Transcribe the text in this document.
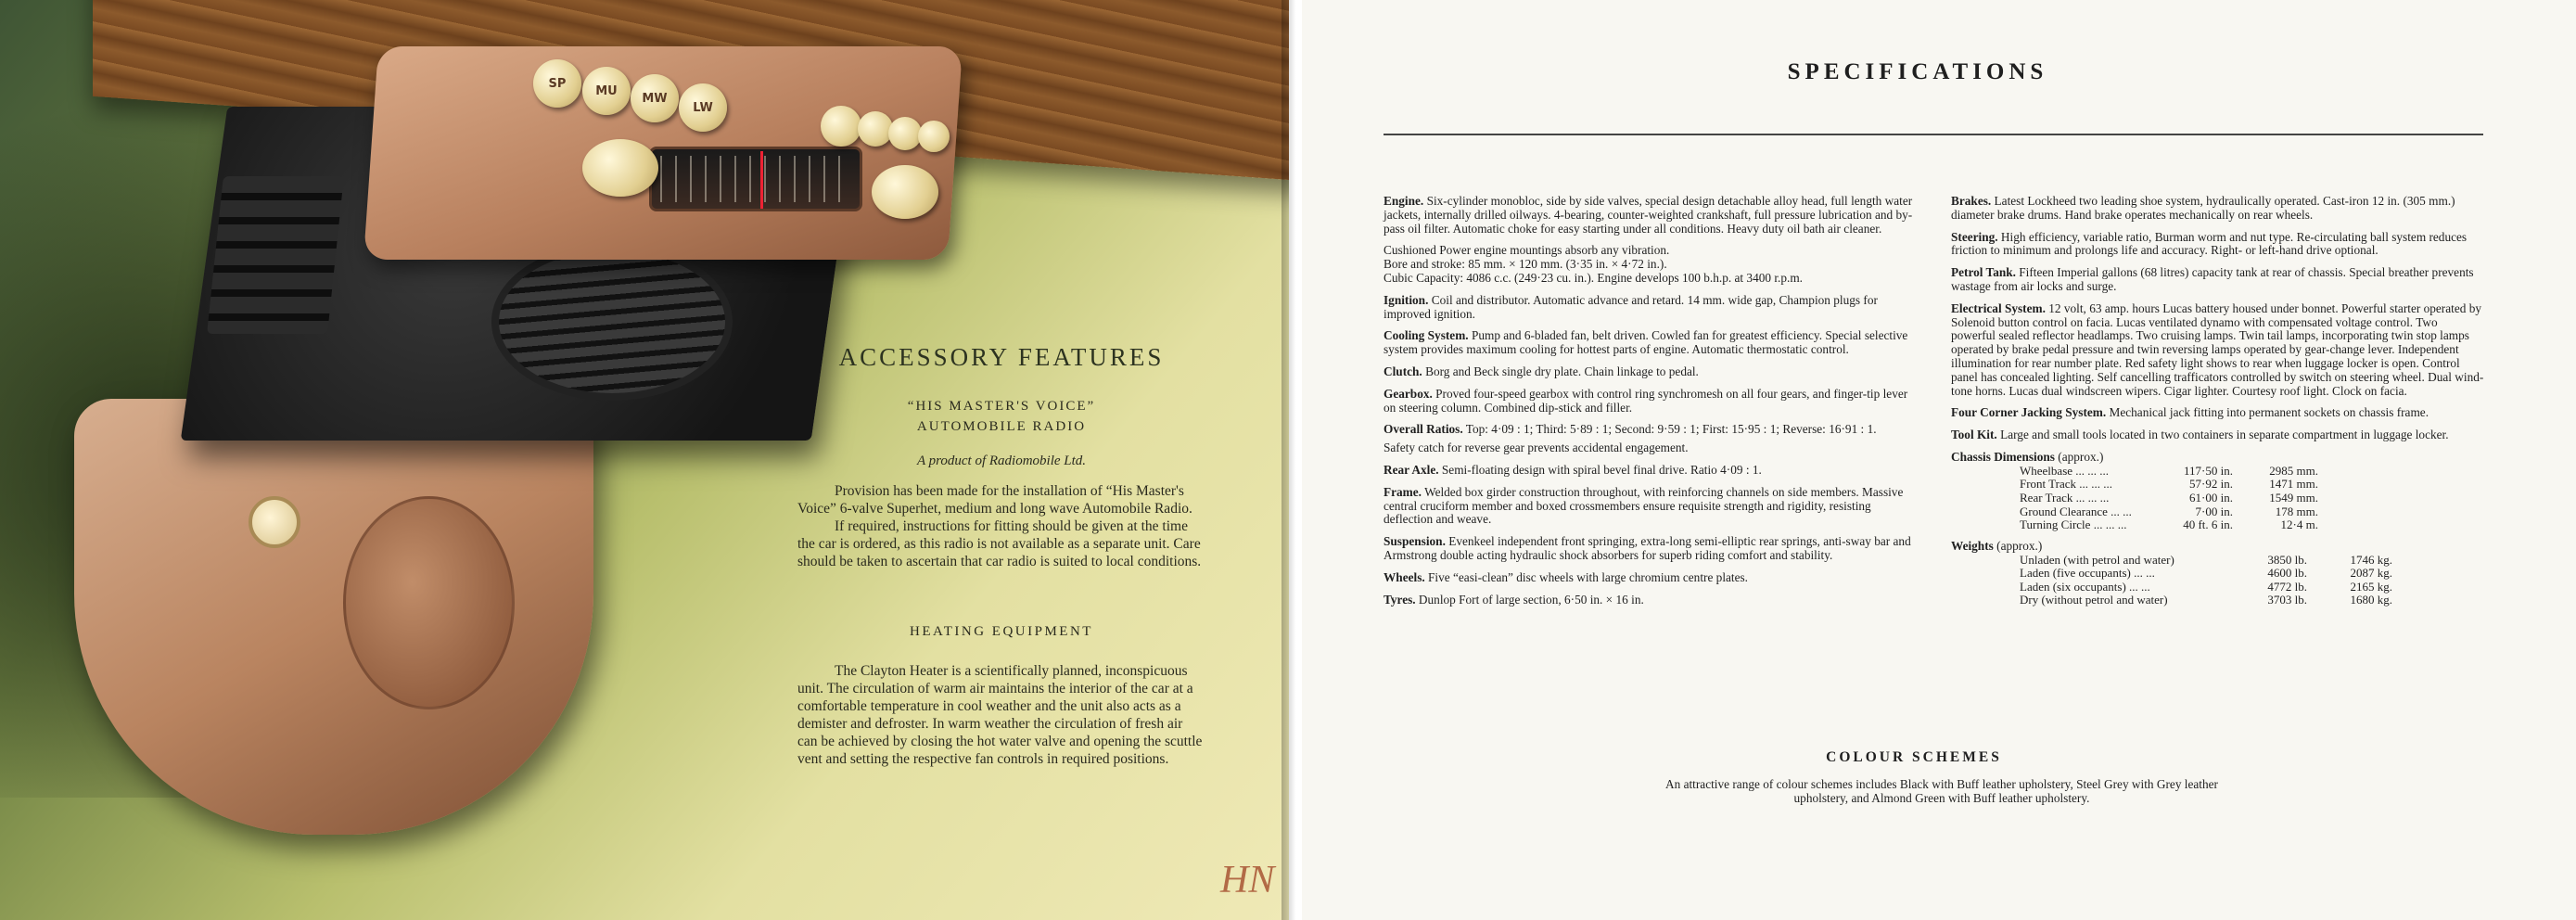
SP
MU
MW
LW
ACCESSORY FEATURES
“HIS MASTER'S VOICE”
AUTOMOBILE RADIO
A product of Radiomobile Ltd.

Provision has been made for the installation of “His Master's Voice” 6-valve Superhet, medium and long wave Automobile Radio.

If required, instructions for fitting should be given at the time the car is ordered, as this radio is not available as a separate unit. Care should be taken to ascertain that car radio is suited to local conditions.

HEATING EQUIPMENT

The Clayton Heater is a scientifically planned, inconspicuous unit. The circulation of warm air maintains the interior of the car at a comfortable temperature in cool weather and the unit also acts as a demister and defroster. In warm weather the circulation of fresh air can be achieved by closing the hot water valve and opening the scuttle vent and setting the respective fan controls in required positions.

HN
SPECIFICATIONS
Engine. Six-cylinder monobloc, side by side valves, special design detachable alloy head, full length water jackets, internally drilled oilways. 4-bearing, counter-weighted crankshaft, full pressure lubrication and by-pass oil filter. Automatic choke for easy starting under all conditions. Heavy duty oil bath air cleaner.
Cushioned Power engine mountings absorb any vibration.
Bore and stroke: 85 mm. × 120 mm. (3·35 in. × 4·72 in.).
Cubic Capacity: 4086 c.c. (249·23 cu. in.). Engine develops 100 b.h.p. at 3400 r.p.m.
Ignition. Coil and distributor. Automatic advance and retard. 14 mm. wide gap, Champion plugs for improved ignition.
Cooling System. Pump and 6-bladed fan, belt driven. Cowled fan for greatest efficiency. Special selective system provides maximum cooling for hottest parts of engine. Automatic thermostatic control.
Clutch. Borg and Beck single dry plate. Chain linkage to pedal.
Gearbox. Proved four-speed gearbox with control ring synchromesh on all four gears, and finger-tip lever on steering column. Combined dip-stick and filler.
Overall Ratios. Top: 4·09 : 1; Third: 5·89 : 1; Second: 9·59 : 1; First: 15·95 : 1; Reverse: 16·91 : 1.
Safety catch for reverse gear prevents accidental engagement.
Rear Axle. Semi-floating design with spiral bevel final drive. Ratio 4·09 : 1.
Frame. Welded box girder construction throughout, with reinforcing channels on side members. Massive central cruciform member and boxed crossmembers ensure requisite strength and rigidity, resisting deflection and weave.
Suspension. Evenkeel independent front springing, extra-long semi-elliptic rear springs, anti-sway bar and Armstrong double acting hydraulic shock absorbers for superb riding comfort and stability.
Wheels. Five “easi-clean” disc wheels with large chromium centre plates.
Tyres. Dunlop Fort of large section, 6·50 in. × 16 in.
Brakes. Latest Lockheed two leading shoe system, hydraulically operated. Cast-iron 12 in. (305 mm.) diameter brake drums. Hand brake operates mechanically on rear wheels.
Steering. High efficiency, variable ratio, Burman worm and nut type. Re-circulating ball system reduces friction to minimum and prolongs life and accuracy. Right- or left-hand drive optional.
Petrol Tank. Fifteen Imperial gallons (68 litres) capacity tank at rear of chassis. Special breather prevents wastage from air locks and surge.
Electrical System. 12 volt, 63 amp. hours Lucas battery housed under bonnet. Powerful starter operated by Solenoid button control on facia. Lucas ventilated dynamo with compensated voltage control. Two powerful sealed reflector headlamps. Two cruising lamps. Twin tail lamps, incorporating twin stop lamps operated by brake pedal pressure and twin reversing lamps operated by gear-change lever. Independent illumination for rear number plate. Red safety light shows to rear when luggage locker is open. Control panel has concealed lighting. Self cancelling trafficators controlled by switch on steering wheel. Dual wind-tone horns. Lucas dual windscreen wipers. Cigar lighter. Courtesy roof light. Clock on facia.
Four Corner Jacking System. Mechanical jack fitting into permanent sockets on chassis frame.
Tool Kit. Large and small tools located in two containers in separate compartment in luggage locker.
Chassis Dimensions (approx.)
Wheelbase ... ... ...	117·50 in.	2985 mm.
Front Track ... ... ...	57·92 in.	1471 mm.
Rear Track ... ... ...	61·00 in.	1549 mm.
Ground Clearance ... ...	7·00 in.	178 mm.
Turning Circle ... ... ...	40 ft. 6 in.	12·4 m.
Weights (approx.)
Unladen (with petrol and water)	3850 lb.	1746 kg.
Laden (five occupants) ... ...	4600 lb.	2087 kg.
Laden (six occupants) ... ...	4772 lb.	2165 kg.
Dry (without petrol and water)	3703 lb.	1680 kg.
COLOUR SCHEMES
An attractive range of colour schemes includes Black with Buff leather upholstery, Steel Grey with Grey leather upholstery, and Almond Green with Buff leather upholstery.
